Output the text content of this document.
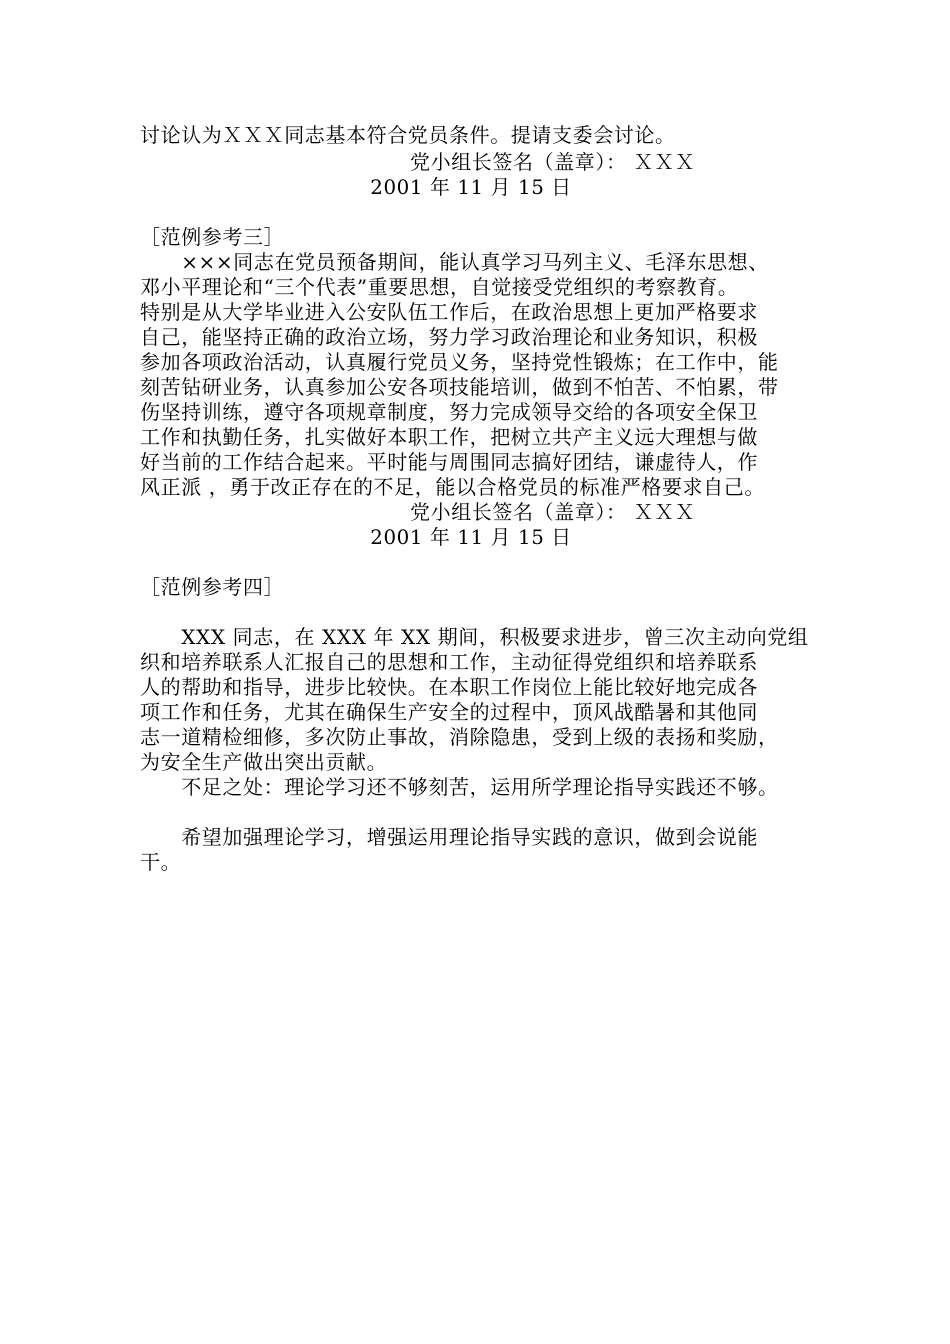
讨论认为ＸＸＸ同志基本符合党员条件。提请支委会讨论。
党小组长签名（盖章）： ＸＸＸ
2001 年 11 月 15 日
［范例参考三］
　　×××同志在党员预备期间，能认真学习马列主义、毛泽东思想、
邓小平理论和“三个代表”重要思想，自觉接受党组织的考察教育。
特别是从大学毕业进入公安队伍工作后，在政治思想上更加严格要求
自己，能坚持正确的政治立场，努力学习政治理论和业务知识，积极
参加各项政治活动，认真履行党员义务，坚持党性锻炼；在工作中，能
刻苦钻研业务，认真参加公安各项技能培训，做到不怕苦、不怕累，带
伤坚持训练，遵守各项规章制度，努力完成领导交给的各项安全保卫
工作和执勤任务，扎实做好本职工作，把树立共产主义远大理想与做
好当前的工作结合起来。平时能与周围同志搞好团结，谦虚待人，作
风正派 ，勇于改正存在的不足，能以合格党员的标准严格要求自己。
党小组长签名（盖章）： ＸＸＸ
2001 年 11 月 15 日
［范例参考四］
　　XXX 同志，在 XXX 年 XX 期间，积极要求进步，曾三次主动向党组
织和培养联系人汇报自己的思想和工作，主动征得党组织和培养联系
人的帮助和指导，进步比较快。在本职工作岗位上能比较好地完成各
项工作和任务，尤其在确保生产安全的过程中，顶风战酷暑和其他同
志一道精检细修，多次防止事故，消除隐患，受到上级的表扬和奖励，
为安全生产做出突出贡献。
　　不足之处：理论学习还不够刻苦，运用所学理论指导实践还不够。
　　希望加强理论学习，增强运用理论指导实践的意识，做到会说能
干。
